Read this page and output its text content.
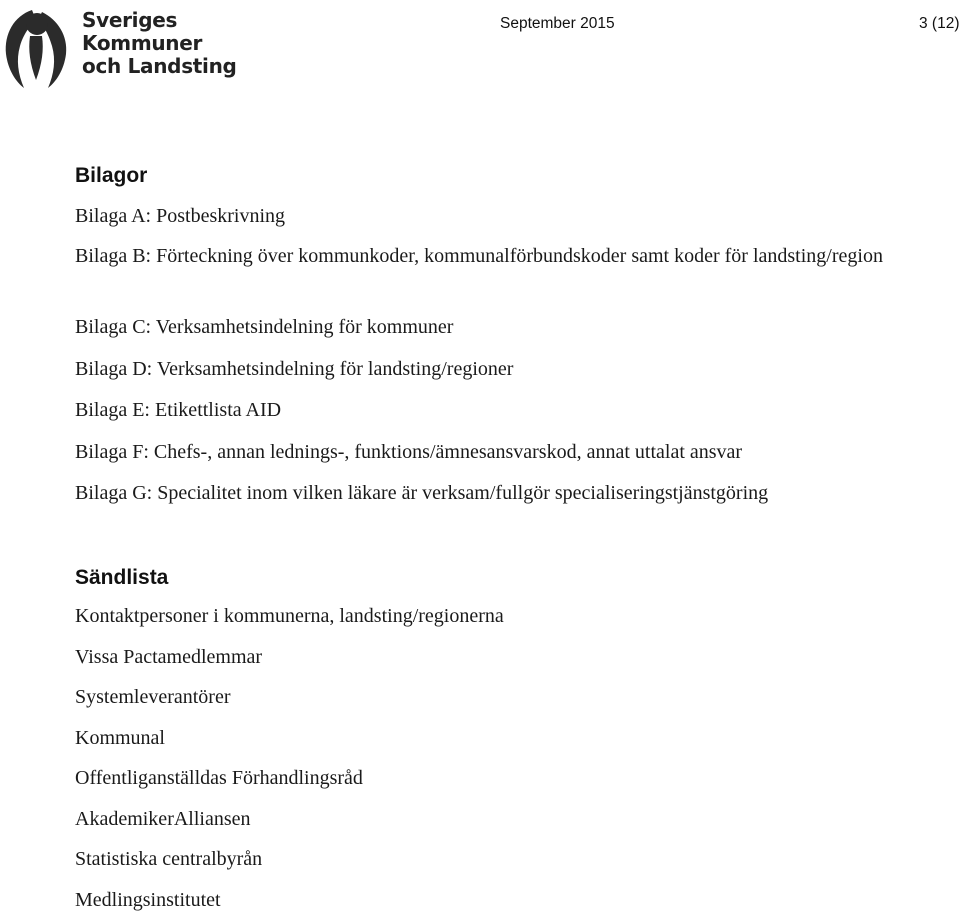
Sveriges
Kommuner
och Landsting
September 2015	3 (12)
Bilagor
Bilaga A: Postbeskrivning
Bilaga B: Förteckning över kommunkoder, kommunalförbundskoder samt koder för landsting/region
Bilaga C: Verksamhetsindelning för kommuner
Bilaga D: Verksamhetsindelning för landsting/regioner
Bilaga E: Etikettlista AID
Bilaga F: Chefs-, annan lednings-, funktions/ämnesansvarskod, annat uttalat ansvar
Bilaga G: Specialitet inom vilken läkare är verksam/fullgör specialiseringstjänstgöring
Sändlista
Kontaktpersoner i kommunerna, landsting/regionerna
Vissa Pactamedlemmar
Systemleverantörer
Kommunal
Offentliganställdas Förhandlingsråd
AkademikerAlliansen
Statistiska centralbyrån
Medlingsinstitutet
